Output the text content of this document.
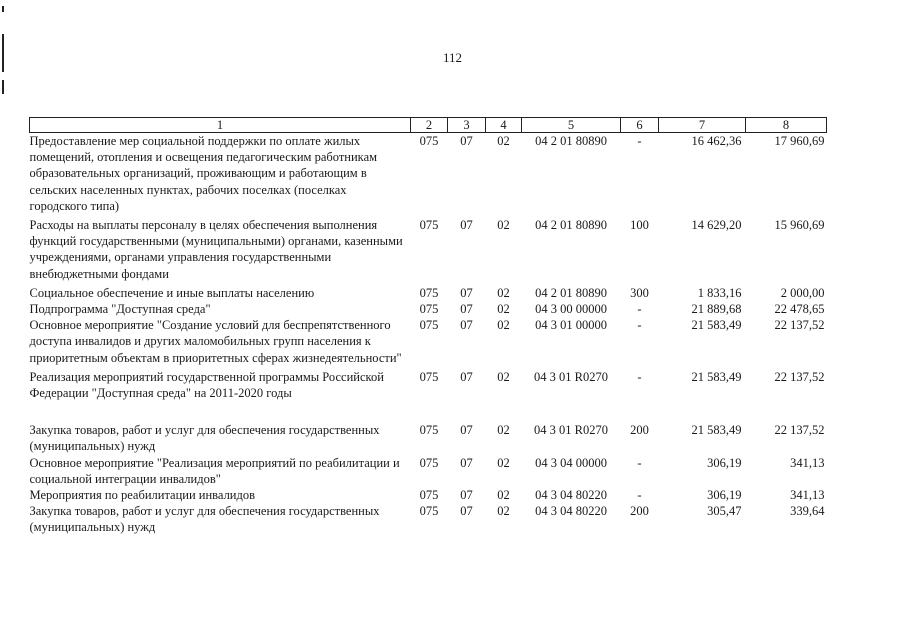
112
1	2	3	4	5	6	7	8
Предоставление мер социальной поддержки по оплате жилых помещений, отопления и освещения педагогическим работникам образовательных организаций, проживающим и работающим в сельских населенных пунктах, рабочих поселках (поселках городского типа)	075	07	02	04 2 01 80890	-	16 462,36	17 960,69
Расходы на выплаты персоналу в целях обеспечения выполнения функций государственными (муниципальными) органами, казенными учреждениями, органами управления государственными внебюджетными фондами	075	07	02	04 2 01 80890	100	14 629,20	15 960,69
Социальное обеспечение и иные выплаты населению	075	07	02	04 2 01 80890	300	1 833,16	2 000,00
Подпрограмма "Доступная среда"	075	07	02	04 3 00 00000	-	21 889,68	22 478,65
Основное мероприятие "Создание условий для беспрепятственного доступа инвалидов и других маломобильных групп населения к приоритетным объектам в приоритетных сферах жизнедеятельности"	075	07	02	04 3 01 00000	-	21 583,49	22 137,52
Реализация мероприятий государственной программы Российской Федерации "Доступная среда" на 2011-2020 годы	075	07	02	04 3 01 R0270	-	21 583,49	22 137,52
Закупка товаров, работ и услуг для обеспечения государственных (муниципальных) нужд	075	07	02	04 3 01 R0270	200	21 583,49	22 137,52
Основное мероприятие "Реализация мероприятий по реабилитации и социальной интеграции инвалидов"	075	07	02	04 3 04 00000	-	306,19	341,13
Мероприятия по реабилитации инвалидов	075	07	02	04 3 04 80220	-	306,19	341,13
Закупка товаров, работ и услуг для обеспечения государственных (муниципальных) нужд	075	07	02	04 3 04 80220	200	305,47	339,64
